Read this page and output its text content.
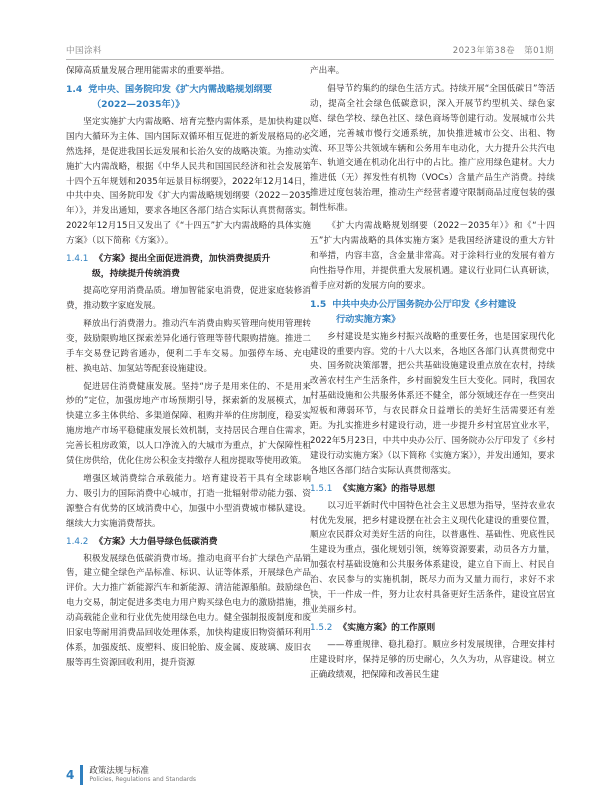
中国涂料	2023年第38卷　第01期

保障高质量发展合理用能需求的重要举措。

1.4 党中央、国务院印发《扩大内需战略规划纲要
（2022—2035年）》

坚定实施扩大内需战略、培育完整内需体系，是加快构建以国内大循环为主体、国内国际双循环相互促进的新发展格局的必然选择，是促进我国长远发展和长治久安的战略决策。为推动实施扩大内需战略，根据《中华人民共和国国民经济和社会发展第十四个五年规划和2035年远景目标纲要》，2022年12月14日，中共中央、国务院印发《扩大内需战略规划纲要（2022－2035年）》，并发出通知，要求各地区各部门结合实际认真贯彻落实。2022年12月15日又发出了《“十四五”扩大内需战略的具体实施方案》（以下简称《方案》）。

1.4.1 《方案》提出全面促进消费，加快消费提质升
级，持续提升传统消费

提高吃穿用消费品质。增加智能家电消费，促进家庭装修消费，推动数字家庭发展。

释放出行消费潜力。推动汽车消费由购买管理向使用管理转变，鼓励限购地区探索差异化通行管理等替代限购措施。推进二手车交易登记跨省通办，便利二手车交易。加强停车场、充电桩、换电站、加氢站等配套设施建设。

促进居住消费健康发展。坚持“房子是用来住的、不是用来炒的”定位，加强房地产市场预期引导，探索新的发展模式，加快建立多主体供给、多渠道保障、租购并举的住房制度，稳妥实施房地产市场平稳健康发展长效机制，支持居民合理自住需求，完善长租房政策，以人口净流入的大城市为重点，扩大保障性租赁住房供给，优化住房公积金支持缴存人租房提取等使用政策。

增强区域消费综合承载能力。培育建设若干具有全球影响力、吸引力的国际消费中心城市，打造一批辐射带动能力强、资源整合有优势的区域消费中心，加强中小型消费城市梯队建设。继续大力实施消费帮扶。

1.4.2 《方案》大力倡导绿色低碳消费

积极发展绿色低碳消费市场。推动电商平台扩大绿色产品销售，建立健全绿色产品标准、标识、认证等体系，开展绿色产品评价。大力推广新能源汽车和新能源、清洁能源船舶。鼓励绿色电力交易，制定促进多类电力用户购买绿色电力的激励措施，推动高载能企业和行业优先使用绿色电力。健全强制报废制度和废旧家电等耐用消费品回收处理体系，加快构建废旧物资循环利用体系，加强废纸、废塑料、废旧轮胎、废金属、废玻璃、废旧衣服等再生资源回收利用，提升资源

产出率。

倡导节约集约的绿色生活方式。持续开展“全国低碳日”等活动，提高全社会绿色低碳意识，深入开展节约型机关、绿色家庭、绿色学校、绿色社区、绿色商场等创建行动。发展城市公共交通，完善城市慢行交通系统，加快推进城市公交、出租、物流、环卫等公共领域车辆和公务用车电动化，大力提升公共汽电车、轨道交通在机动化出行中的占比。推广应用绿色建材。大力推进低（无）挥发性有机物（VOCs）含量产品生产消费。持续推进过度包装治理，推动生产经营者遵守限制商品过度包装的强制性标准。

《扩大内需战略规划纲要（2022－2035年）》和《“十四五”扩大内需战略的具体实施方案》是我国经济建设的重大方针和举措，内容丰富，含金量非常高。对于涂料行业的发展有着方向性指导作用，并提供重大发展机遇。建议行业同仁认真研读，着手应对新的发展方向的要求。

1.5 中共中央办公厅国务院办公厅印发《乡村建设
行动实施方案》

乡村建设是实施乡村振兴战略的重要任务，也是国家现代化建设的重要内容。党的十八大以来，各地区各部门认真贯彻党中央、国务院决策部署，把公共基础设施建设重点放在农村，持续改善农村生产生活条件，乡村面貌发生巨大变化。同时，我国农村基础设施和公共服务体系还不健全，部分领域还存在一些突出短板和薄弱环节，与农民群众日益增长的美好生活需要还有差距。为扎实推进乡村建设行动，进一步提升乡村宜居宜业水平，2022年5月23日，中共中央办公厅、国务院办公厅印发了《乡村建设行动实施方案》（以下简称《实施方案》），并发出通知，要求各地区各部门结合实际认真贯彻落实。

1.5.1 《实施方案》的指导思想

以习近平新时代中国特色社会主义思想为指导，坚持农业农村优先发展，把乡村建设摆在社会主义现代化建设的重要位置，顺应农民群众对美好生活的向往，以普惠性、基础性、兜底性民生建设为重点，强化规划引领，统筹资源要素，动员各方力量，加强农村基础设施和公共服务体系建设，建立自下而上、村民自治、农民参与的实施机制，既尽力而为又量力而行，求好不求快，干一件成一件，努力让农村具备更好生活条件，建设宜居宜业美丽乡村。

1.5.2 《实施方案》的工作原则

——尊重规律、稳扎稳打。顺应乡村发展规律，合理安排村庄建设时序，保持足够的历史耐心，久久为功，从容建设。树立正确政绩观，把保障和改善民生建

4 政策法规与标准
Policies, Regulations and Standards
